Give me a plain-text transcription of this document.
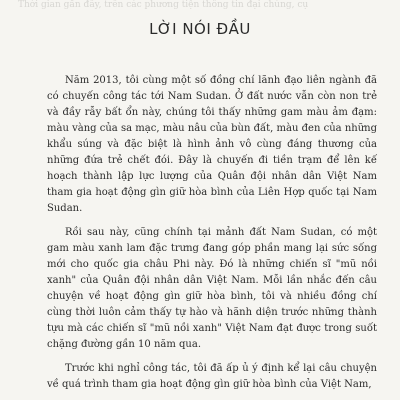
Thời gian gần đây, trên các phương tiện thông tin đại chúng, cụ
LỜI NÓI ĐẦU

Năm 2013, tôi cùng một số đồng chí lãnh đạo liên ngành đã có chuyến công tác tới Nam Sudan. Ở đất nước vẫn còn non trẻ và đầy rẫy bất ổn này, chúng tôi thấy những gam màu ảm đạm: màu vàng của sa mạc, màu nâu của bùn đất, màu đen của những khẩu súng và đặc biệt là hình ảnh vô cùng đáng thương của những đứa trẻ chết đói. Đây là chuyến đi tiền trạm để lên kế hoạch thành lập lực lượng của Quân đội nhân dân Việt Nam tham gia hoạt động gìn giữ hòa bình của Liên Hợp quốc tại Nam Sudan.

Rồi sau này, cũng chính tại mảnh đất Nam Sudan, có một gam màu xanh lam đặc trưng đang góp phần mang lại sức sống mới cho quốc gia châu Phi này. Đó là những chiến sĩ "mũ nồi xanh" của Quân đội nhân dân Việt Nam. Mỗi lần nhắc đến câu chuyện về hoạt động gìn giữ hòa bình, tôi và nhiều đồng chí cùng thời luôn cảm thấy tự hào và hãnh diện trước những thành tựu mà các chiến sĩ "mũ nồi xanh" Việt Nam đạt được trong suốt chặng đường gần 10 năm qua.

Trước khi nghỉ công tác, tôi đã ấp ủ ý định kể lại câu chuyện về quá trình tham gia hoạt động gìn giữ hòa bình của Việt Nam,
